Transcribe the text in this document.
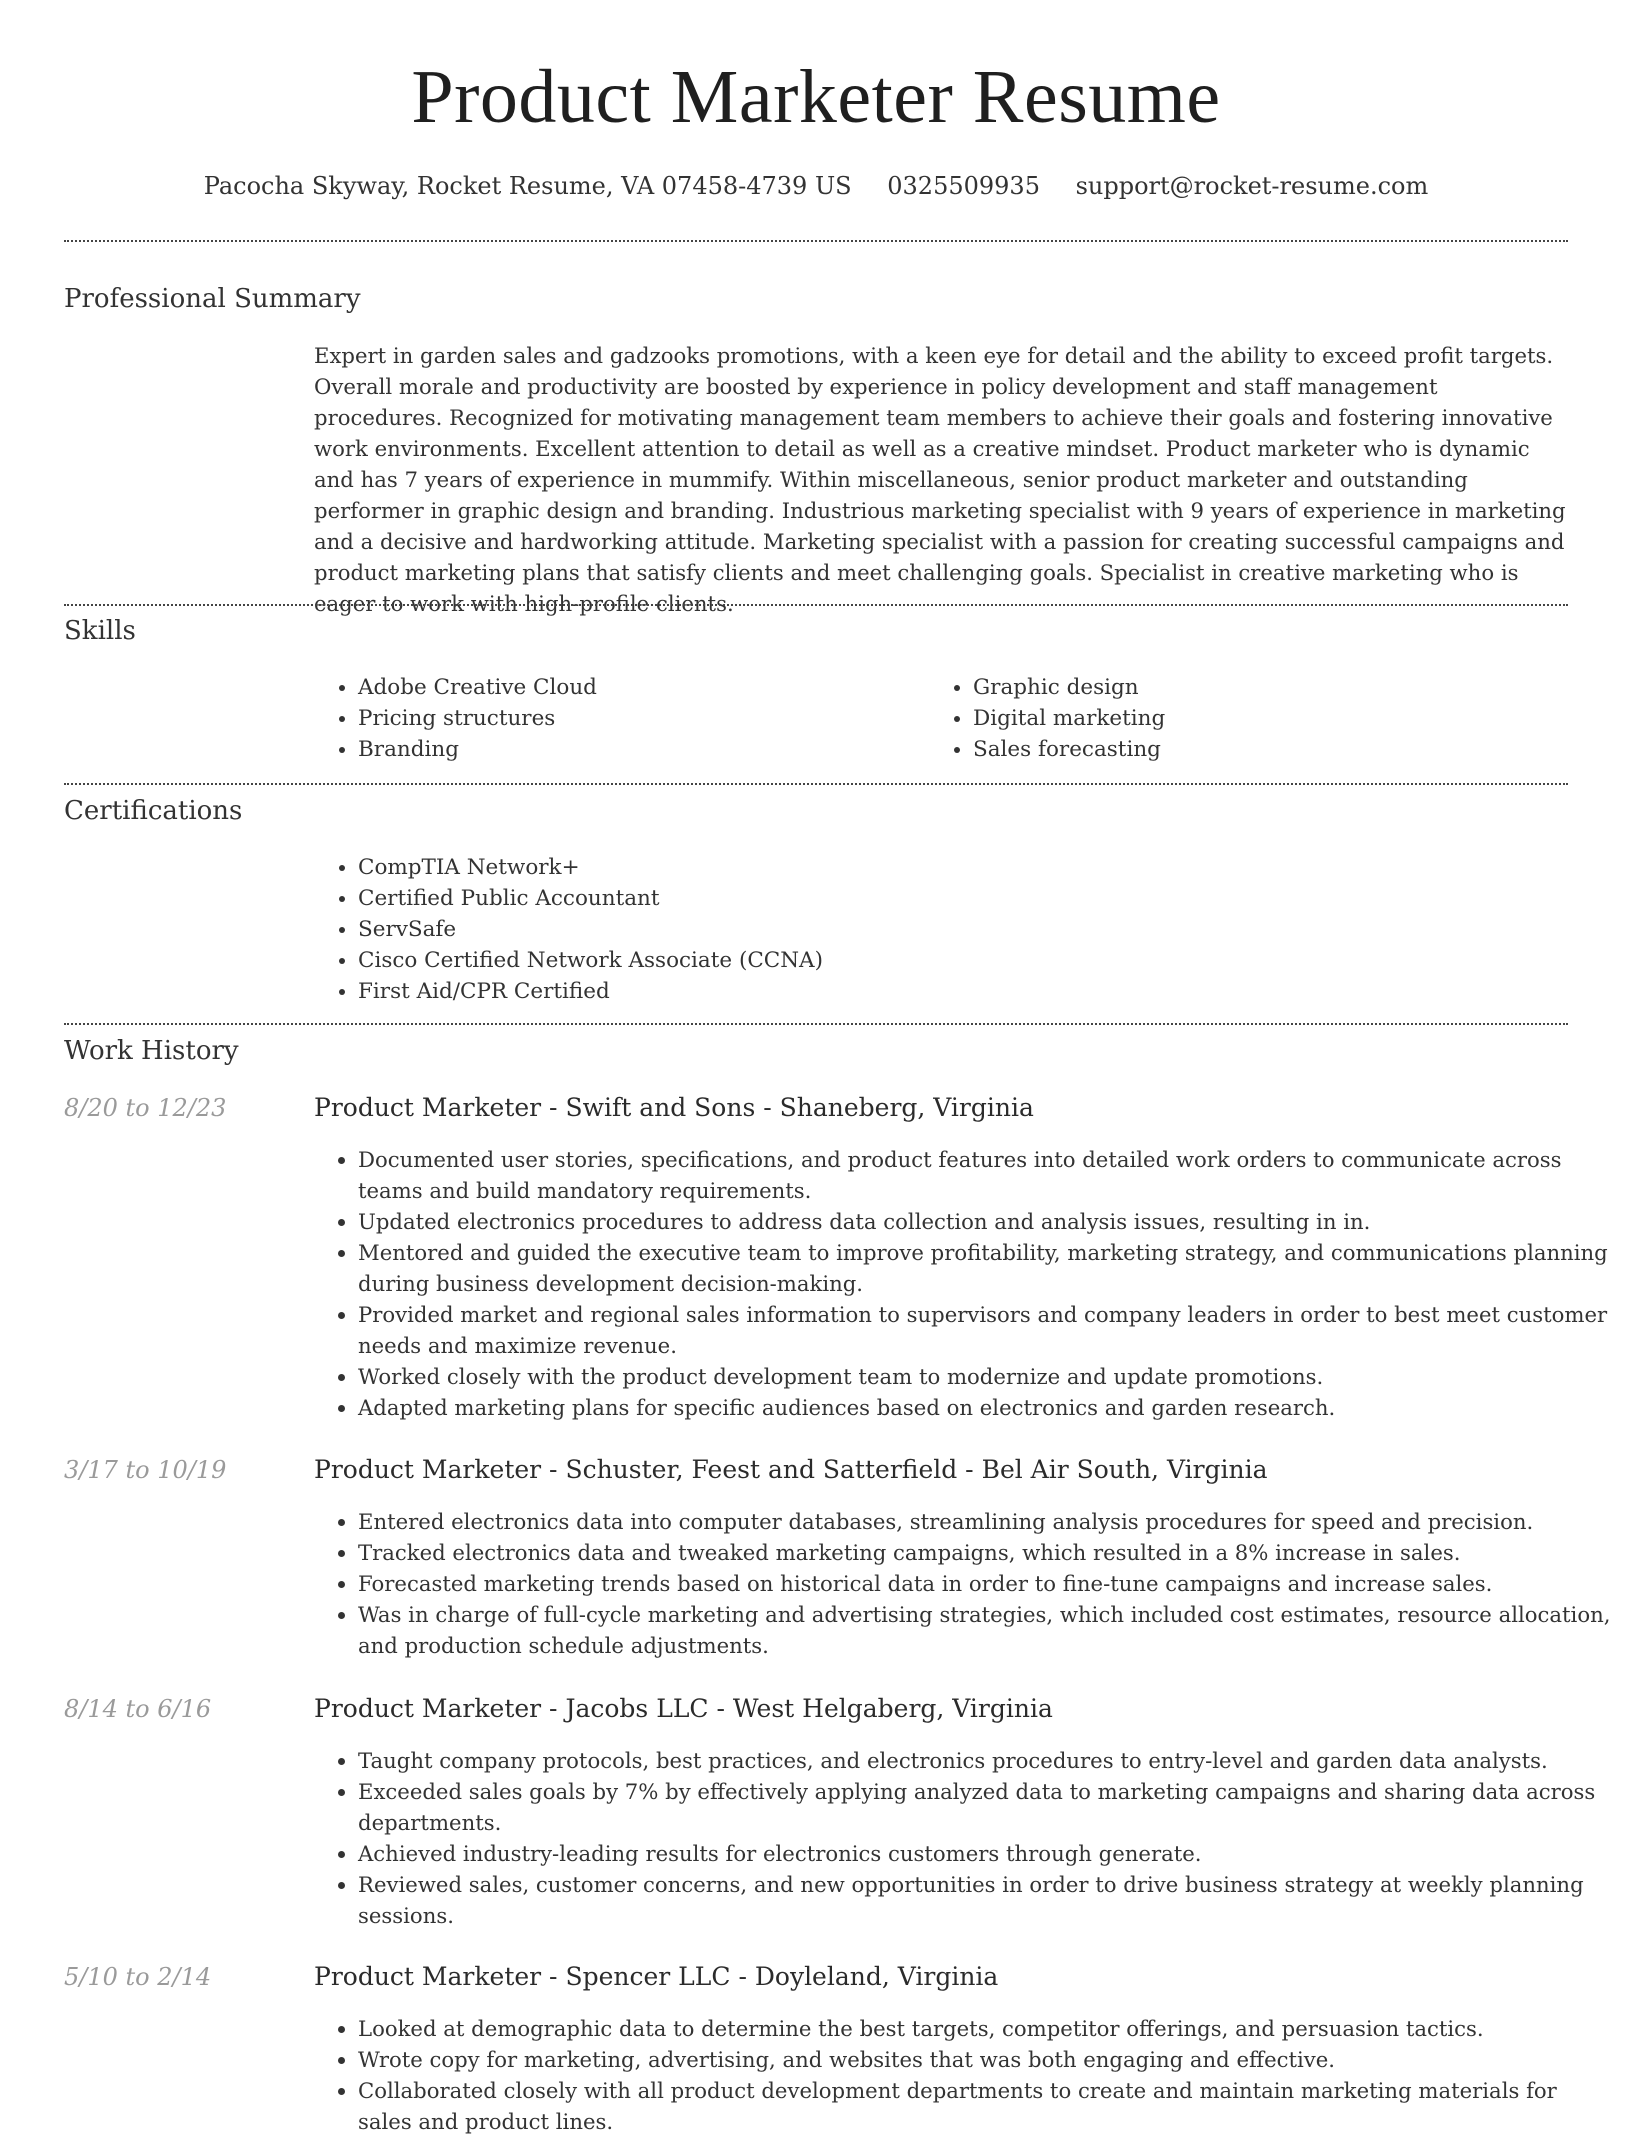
Product Marketer Resume
Pacocha Skyway, Rocket Resume, VA 07458-4739 US 0325509935 support@rocket-resume.com
Professional Summary

Expert in garden sales and gadzooks promotions, with a keen eye for detail and the ability to exceed profit targets. Overall morale and productivity are boosted by experience in policy development and staff management procedures. Recognized for motivating management team members to achieve their goals and fostering innovative work environments. Excellent attention to detail as well as a creative mindset. Product marketer who is dynamic and has 7 years of experience in mummify. Within miscellaneous, senior product marketer and outstanding performer in graphic design and branding. Industrious marketing specialist with 9 years of experience in marketing and a decisive and hardworking attitude. Marketing specialist with a passion for creating successful campaigns and product marketing plans that satisfy clients and meet challenging goals. Specialist in creative marketing who is eager to work with high-profile clients.

Skills
• Adobe Creative Cloud
• Pricing structures
• Branding
• Graphic design
• Digital marketing
• Sales forecasting
Certifications
• CompTIA Network+
• Certified Public Accountant
• ServSafe
• Cisco Certified Network Associate (CCNA)
• First Aid/CPR Certified
Work History
8/20 to 12/23	Product Marketer - Swift and Sons - Shaneberg, Virginia
• Documented user stories, specifications, and product features into detailed work orders to communicate across teams and build mandatory requirements.
• Updated electronics procedures to address data collection and analysis issues, resulting in in.
• Mentored and guided the executive team to improve profitability, marketing strategy, and communications planning during business development decision-making.
• Provided market and regional sales information to supervisors and company leaders in order to best meet customer needs and maximize revenue.
• Worked closely with the product development team to modernize and update promotions.
• Adapted marketing plans for specific audiences based on electronics and garden research.
3/17 to 10/19	Product Marketer - Schuster, Feest and Satterfield - Bel Air South, Virginia
• Entered electronics data into computer databases, streamlining analysis procedures for speed and precision.
• Tracked electronics data and tweaked marketing campaigns, which resulted in a 8% increase in sales.
• Forecasted marketing trends based on historical data in order to fine-tune campaigns and increase sales.
• Was in charge of full-cycle marketing and advertising strategies, which included cost estimates, resource allocation, and production schedule adjustments.
8/14 to 6/16	Product Marketer - Jacobs LLC - West Helgaberg, Virginia
• Taught company protocols, best practices, and electronics procedures to entry-level and garden data analysts.
• Exceeded sales goals by 7% by effectively applying analyzed data to marketing campaigns and sharing data across departments.
• Achieved industry-leading results for electronics customers through generate.
• Reviewed sales, customer concerns, and new opportunities in order to drive business strategy at weekly planning sessions.
5/10 to 2/14	Product Marketer - Spencer LLC - Doyleland, Virginia
• Looked at demographic data to determine the best targets, competitor offerings, and persuasion tactics.
• Wrote copy for marketing, advertising, and websites that was both engaging and effective.
• Collaborated closely with all product development departments to create and maintain marketing materials for sales and product lines.
